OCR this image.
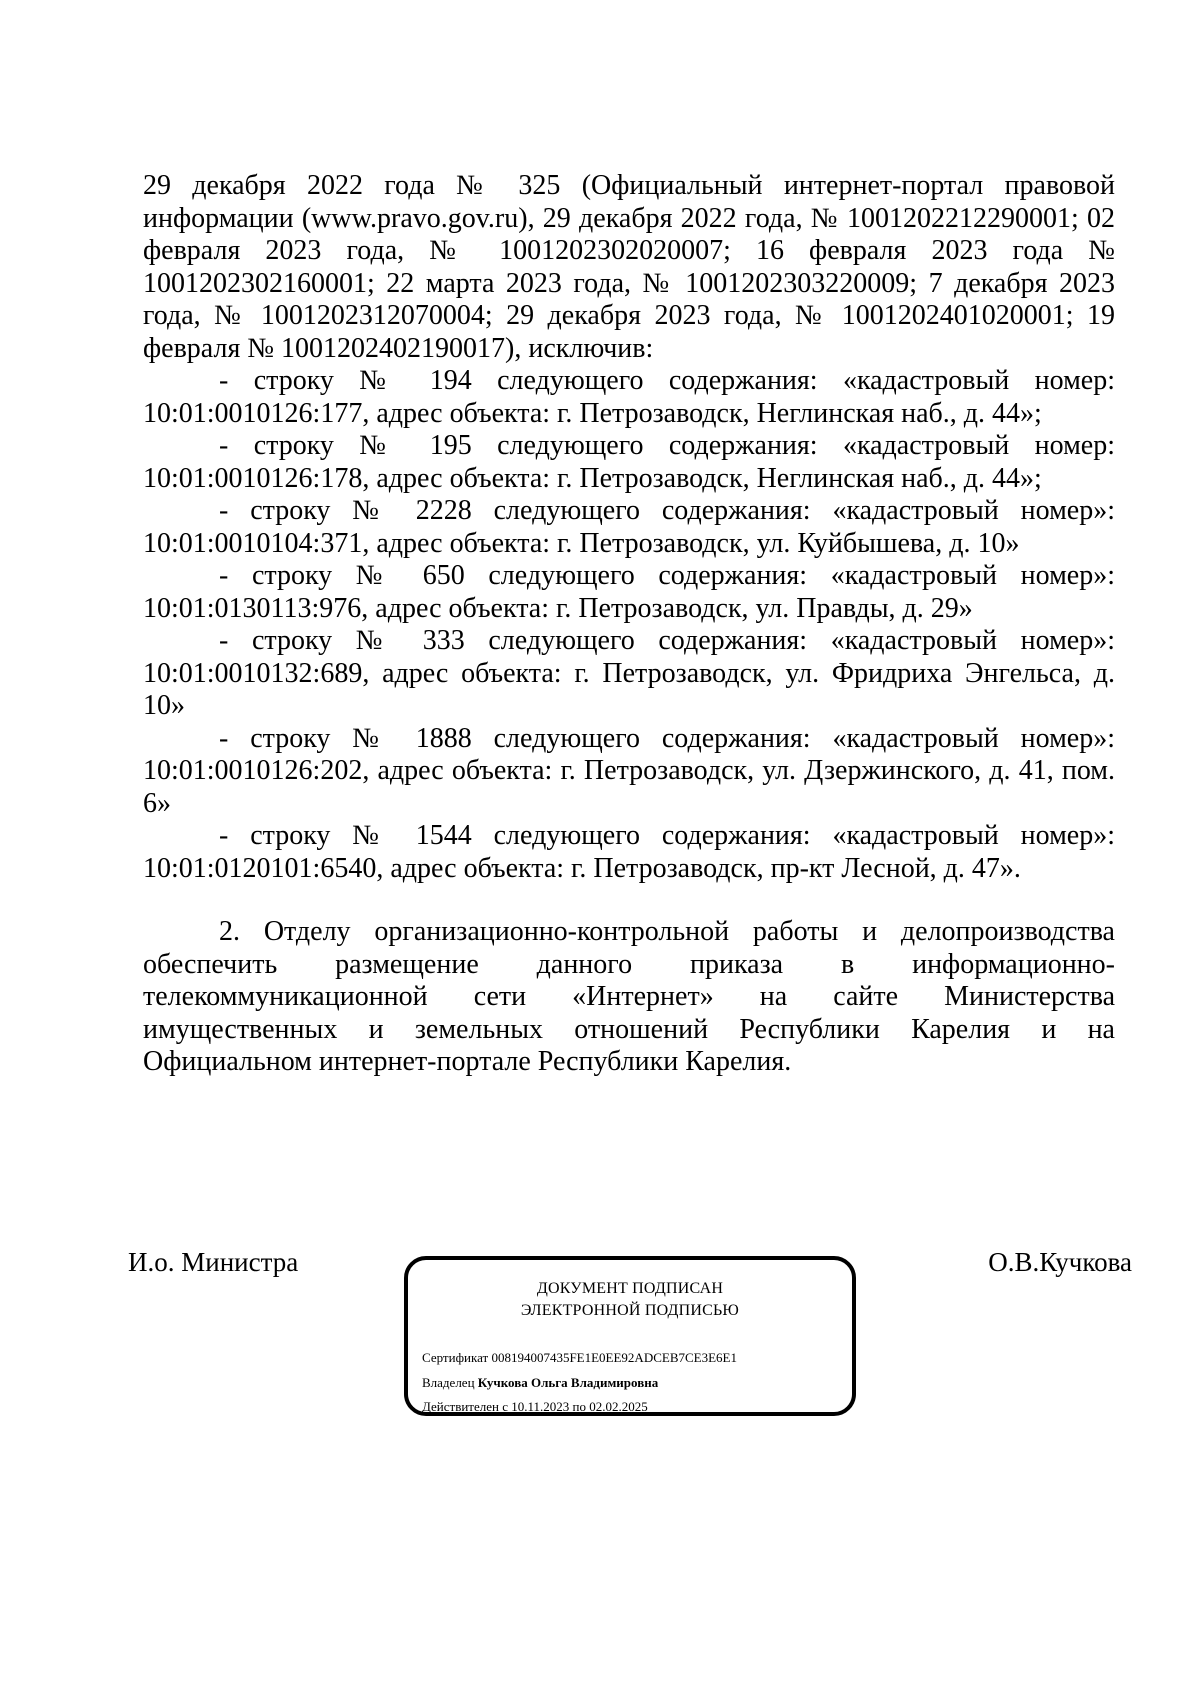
29 декабря 2022 года № 325 (Официальный интернет-портал правовой информации (www.pravo.gov.ru), 29 декабря 2022 года, № 1001202212290001; 02 февраля 2023 года, № 1001202302020007; 16 февраля 2023 года № 1001202302160001; 22 марта 2023 года, № 1001202303220009; 7 декабря 2023 года, № 1001202312070004; 29 декабря 2023 года, № 1001202401020001; 19 февраля № 1001202402190017), исключив:

- строку № 194 следующего содержания: «кадастровый номер: 10:01:0010126:177, адрес объекта: г. Петрозаводск, Неглинская наб., д. 44»;

- строку № 195 следующего содержания: «кадастровый номер: 10:01:0010126:178, адрес объекта: г. Петрозаводск, Неглинская наб., д. 44»;

- строку № 2228 следующего содержания: «кадастровый номер»: 10:01:0010104:371, адрес объекта: г. Петрозаводск, ул. Куйбышева, д. 10»

- строку № 650 следующего содержания: «кадастровый номер»: 10:01:0130113:976, адрес объекта: г. Петрозаводск, ул. Правды, д. 29»

- строку № 333 следующего содержания: «кадастровый номер»: 10:01:0010132:689, адрес объекта: г. Петрозаводск, ул. Фридриха Энгельса, д. 10»

- строку № 1888 следующего содержания: «кадастровый номер»: 10:01:0010126:202, адрес объекта: г. Петрозаводск, ул. Дзержинского, д. 41, пом. 6»

- строку № 1544 следующего содержания: «кадастровый номер»: 10:01:0120101:6540, адрес объекта: г. Петрозаводск, пр-кт Лесной, д. 47».

2. Отделу организационно-контрольной работы и делопроизводства обеспечить размещение данного приказа в информационно-телекоммуникационной сети «Интернет» на сайте Министерства имущественных и земельных отношений Республики Карелия и на Официальном интернет-портале Республики Карелия.

И.о. Министра	О.В.Кучкова
ДОКУМЕНТ ПОДПИСАН
ЭЛЕКТРОННОЙ ПОДПИСЬЮ
Сертификат 008194007435FE1E0EE92ADCEB7CE3E6E1
Владелец Кучкова Ольга Владимировна
Действителен с 10.11.2023 по 02.02.2025
